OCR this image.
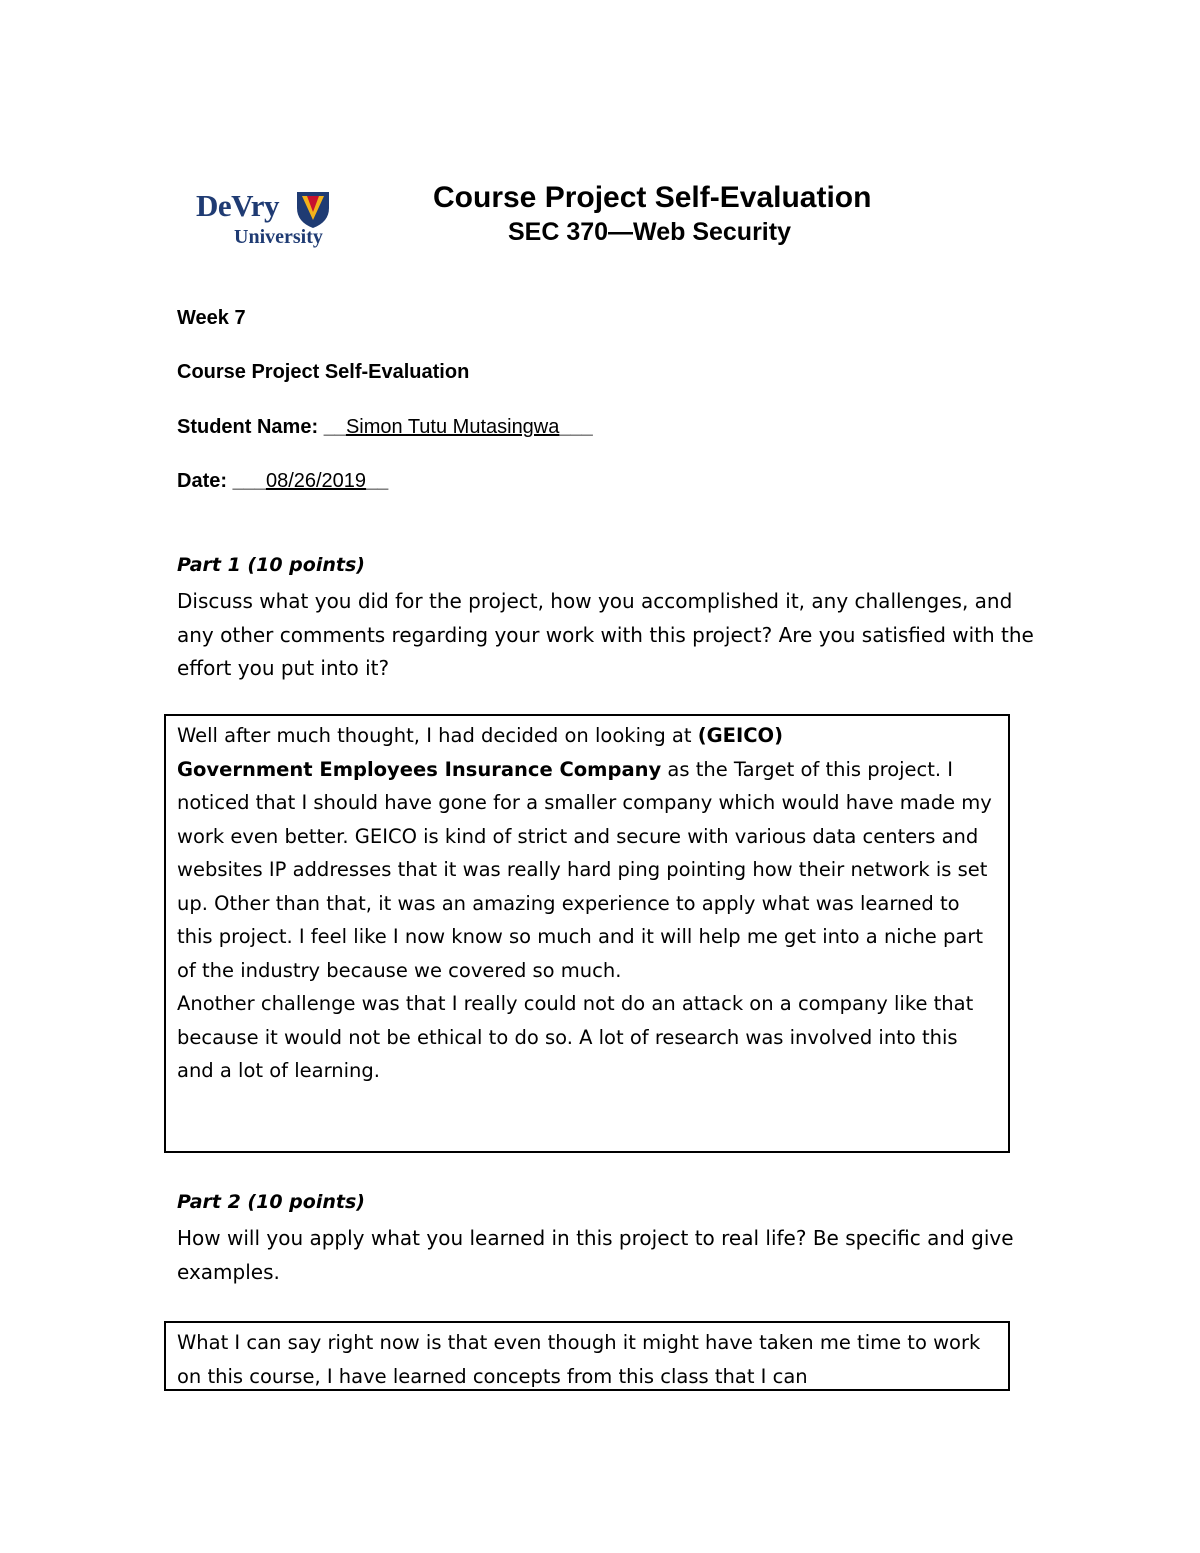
DeVry
University
Course Project Self-Evaluation
SEC 370—Web Security
Week 7
Course Project Self-Evaluation
Student Name: __Simon Tutu Mutasingwa___
Date: ___08/26/2019__
Part 1 (10 points)
Discuss what you did for the project, how you accomplished it, any challenges, and any other comments regarding your work with this project? Are you satisfied with the effort you put into it?

Well after much thought, I had decided on looking at (GEICO)
Government Employees Insurance Company as the Target of this project. I noticed that I should have gone for a smaller company which would have made my work even better. GEICO is kind of strict and secure with various data centers and websites IP addresses that it was really hard ping pointing how their network is set up. Other than that, it was an amazing experience to apply what was learned to this project. I feel like I now know so much and it will help me get into a niche part of the industry because we covered so much.

Another challenge was that I really could not do an attack on a company like that because it would not be ethical to do so. A lot of research was involved into this and a lot of learning.

Part 2 (10 points)
How will you apply what you learned in this project to real life? Be specific and give examples.

What I can say right now is that even though it might have taken me time to work on this course, I have learned concepts from this class that I can
